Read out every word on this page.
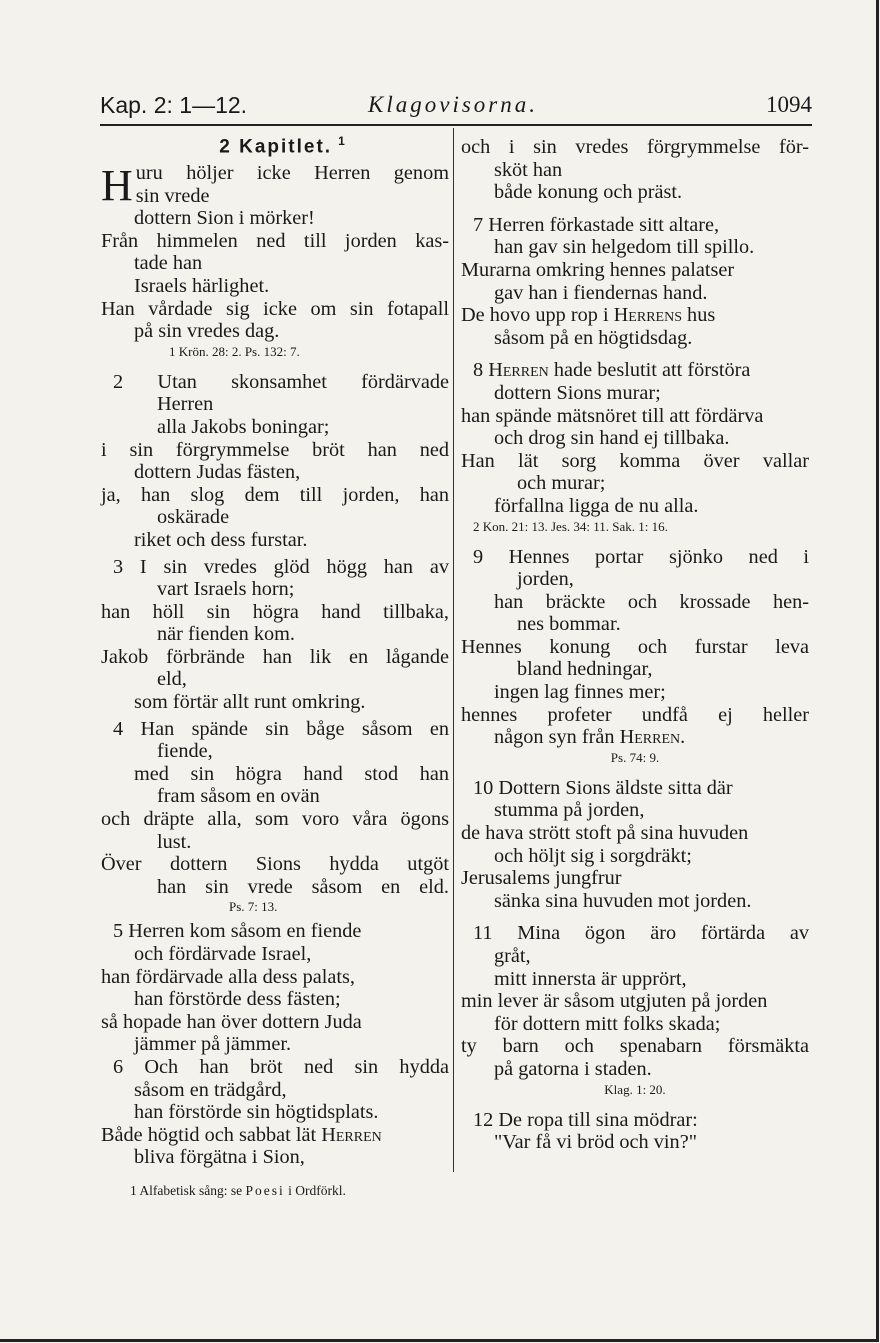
Kap. 2: 1—12.	Klagovisorna.	1094
2 Kapitlet. $^1$
H uru höljer icke Herren genom
sin vrede
dottern Sion i mörker!
Från himmelen ned till jorden kas-
tade han
Israels härlighet.
Han vårdade sig icke om sin fotapall
på sin vredes dag.
1 Krön. 28: 2. Ps. 132: 7.
2 Utan skonsamhet fördärvade
Herren
alla Jakobs boningar;
i sin förgrymmelse bröt han ned
dottern Judas fästen,
ja, han slog dem till jorden, han
oskärade
riket och dess furstar.
3 I sin vredes glöd högg han av
vart Israels horn;
han höll sin högra hand tillbaka,
när fienden kom.
Jakob förbrände han lik en lågande
eld,
som förtär allt runt omkring.
4 Han spände sin båge såsom en
fiende,
med sin högra hand stod han
fram såsom en ovän
och dräpte alla, som voro våra ögons
lust.
Över dottern Sions hydda utgöt
han sin vrede såsom en eld.
Ps. 7: 13.
5 Herren kom såsom en fiende
och fördärvade Israel,
han fördärvade alla dess palats,
han förstörde dess fästen;
så hopade han över dottern Juda
jämmer på jämmer.
6 Och han bröt ned sin hydda
såsom en trädgård,
han förstörde sin högtidsplats.
Både högtid och sabbat lät Herren
bliva förgätna i Sion,
och i sin vredes förgrymmelse för-
sköt han
både konung och präst.
7 Herren förkastade sitt altare,
han gav sin helgedom till spillo.
Murarna omkring hennes palatser
gav han i fiendernas hand.
De hovo upp rop i Herrens hus
såsom på en högtidsdag.
8 Herren hade beslutit att förstöra
dottern Sions murar;
han spände mätsnöret till att fördärva
och drog sin hand ej tillbaka.
Han lät sorg komma över vallar
och murar;
förfallna ligga de nu alla.
2 Kon. 21: 13. Jes. 34: 11. Sak. 1: 16.
9 Hennes portar sjönko ned i
jorden,
han bräckte och krossade hen-
nes bommar.
Hennes konung och furstar leva
bland hedningar,
ingen lag finnes mer;
hennes profeter undfå ej heller
någon syn från Herren.
Ps. 74: 9.
10 Dottern Sions äldste sitta där
stumma på jorden,
de hava strött stoft på sina huvuden
och höljt sig i sorgdräkt;
Jerusalems jungfrur
sänka sina huvuden mot jorden.
11 Mina ögon äro förtärda av
gråt,
mitt innersta är upprört,
min lever är såsom utgjuten på jorden
för dottern mitt folks skada;
ty barn och spenabarn försmäkta
på gatorna i staden.
Klag. 1: 20.
12 De ropa till sina mödrar:
"Var få vi bröd och vin?"
1 Alfabetisk sång: se Poesi i Ordförkl.
